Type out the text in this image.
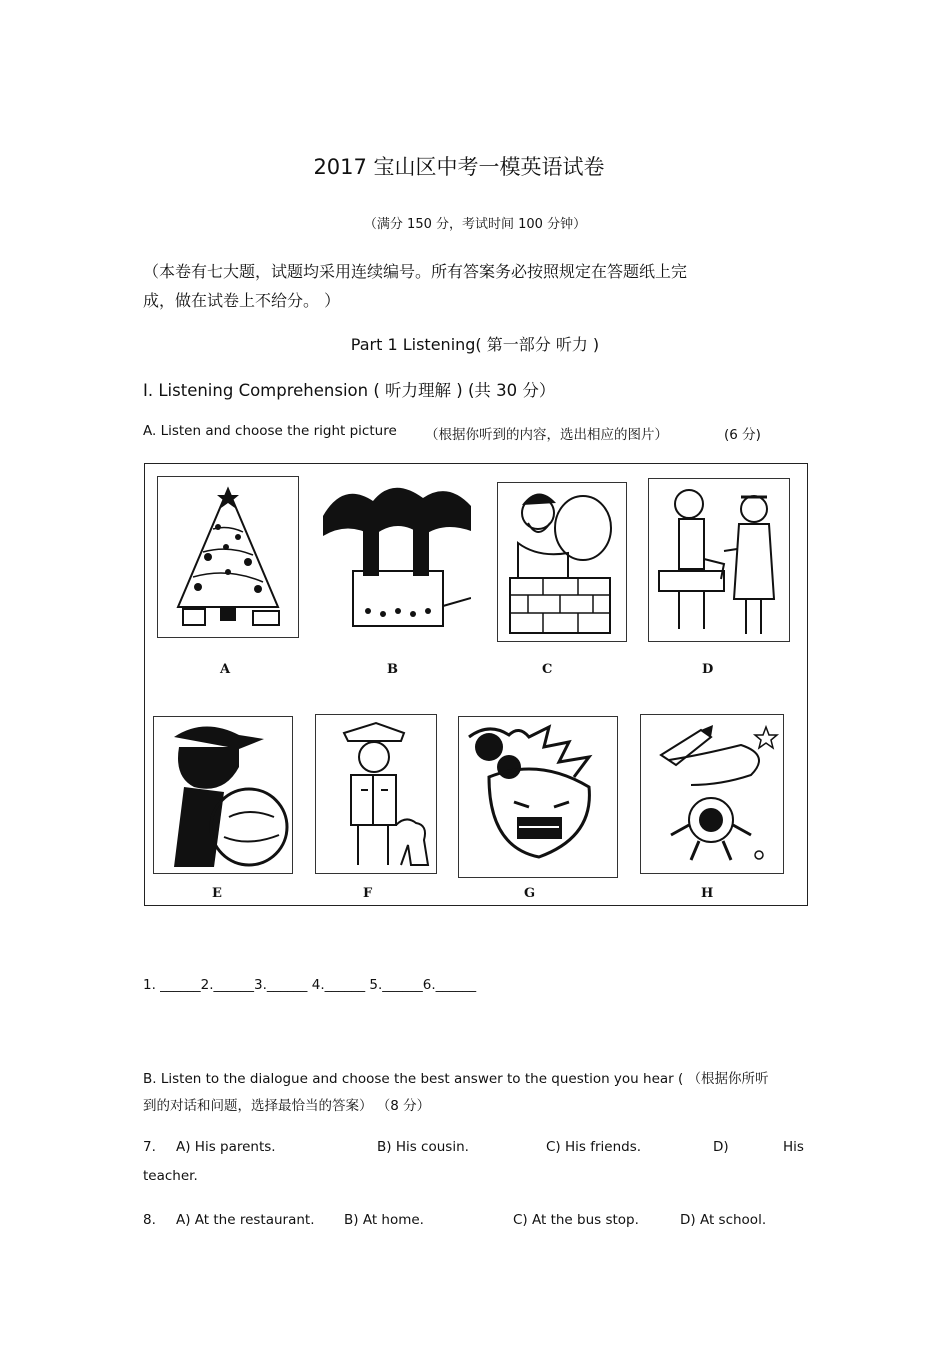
2017 宝山区中考一模英语试卷
（满分 150 分，考试时间 100 分钟）
（本卷有七大题，试题均采用连续编号。所有答案务必按照规定在答题纸上完
成，做在试卷上不给分。 ）
Part 1 Listening( 第一部分 听力 )
I. Listening Comprehension ( 听力理解 ) (共 30 分）
A. Listen and choose the right picture （根据你听到的内容，选出相应的图片）	(6 分)
A	B	C	D
E	F	G	H
1. ______2.______3.______ 4.______ 5.______6.______
B. Listen to the dialogue and choose the best answer to the question you hear ( （根据你所听
到的对话和问题，选择最恰当的答案） （8 分）
7. A) His parents.	B) His cousin.	C) His friends.	D)	His
teacher.
8. A) At the restaurant. B) At home.	C) At the bus stop.	D) At school.
